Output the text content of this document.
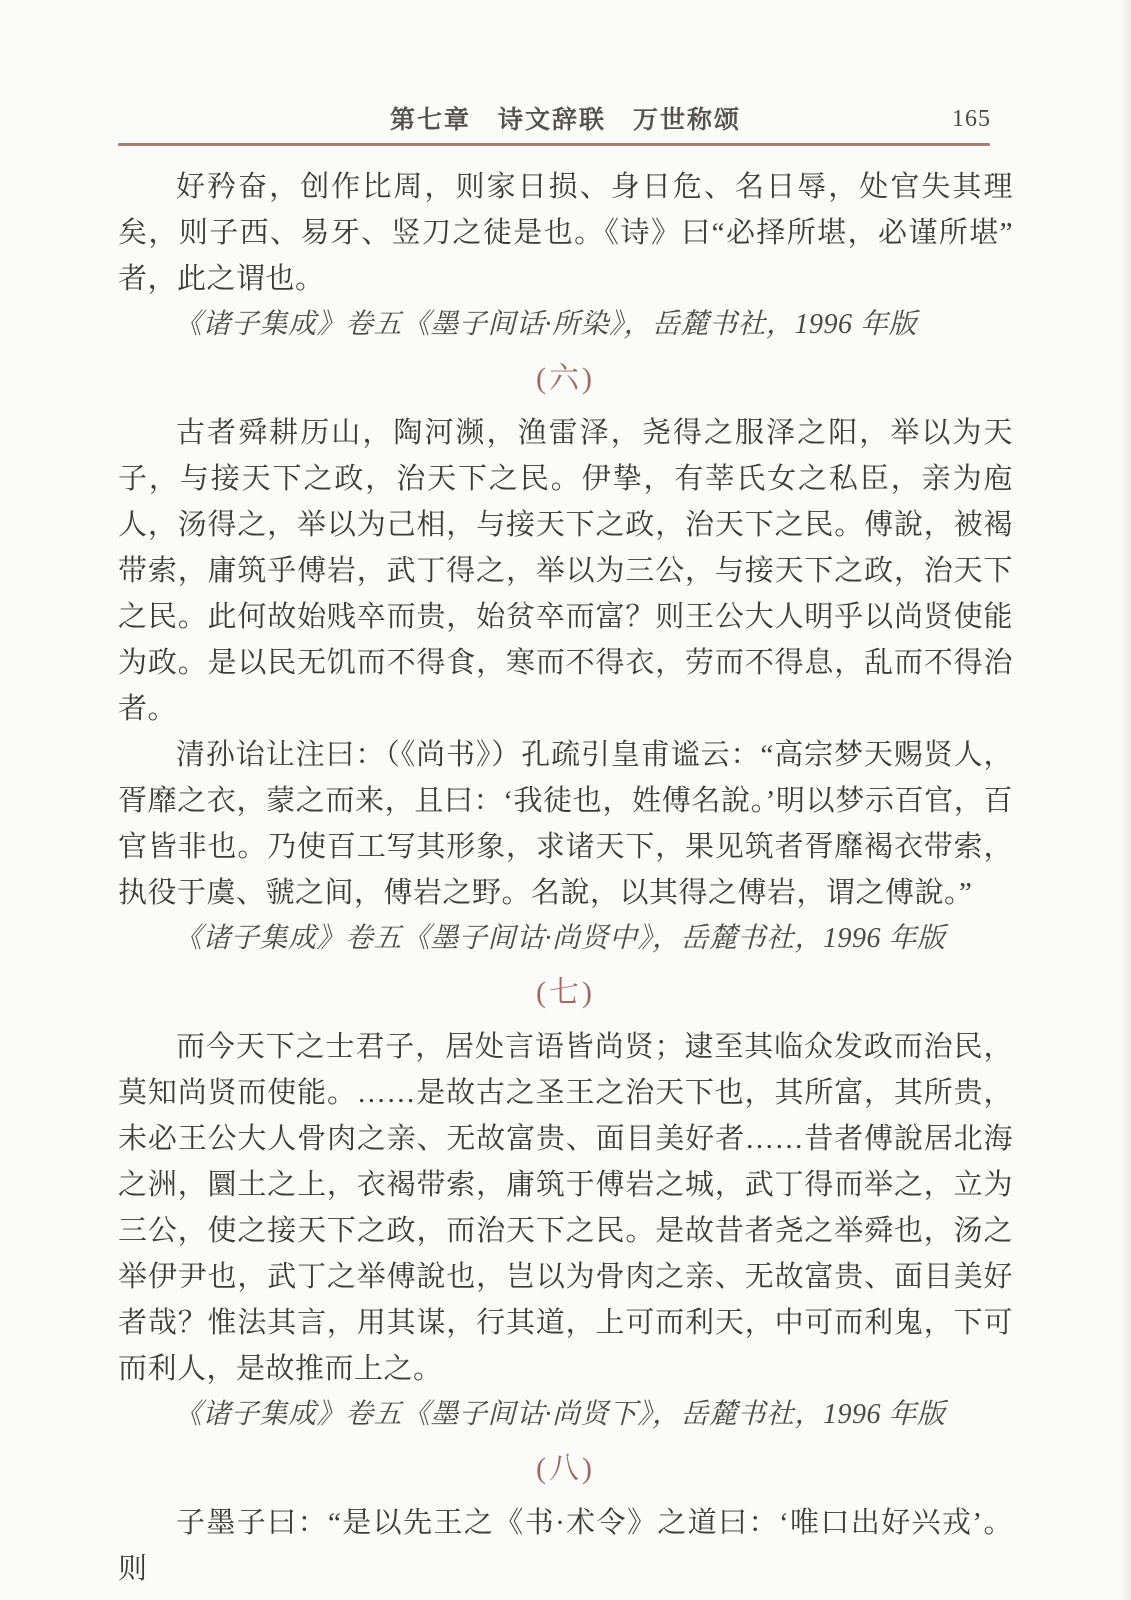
第七章　诗文辞联　万世称颂	165

好矜奋，创作比周，则家日损、身日危、名日辱，处官失其理矣，则子西、易牙、竖刀之徒是也。《诗》曰“必择所堪，必谨所堪”者，此之谓也。

《诸子集成》卷五《墨子间话·所染》，岳麓书社，1996 年版

(六)

古者舜耕历山，陶河濒，渔雷泽，尧得之服泽之阳，举以为天子，与接天下之政，治天下之民。伊挚，有莘氏女之私臣，亲为庖人，汤得之，举以为己相，与接天下之政，治天下之民。傅說，被褐带索，庸筑乎傅岩，武丁得之，举以为三公，与接天下之政，治天下之民。此何故始贱卒而贵，始贫卒而富？则王公大人明乎以尚贤使能为政。是以民无饥而不得食，寒而不得衣，劳而不得息，乱而不得治者。

清孙诒让注曰：（《尚书》）孔疏引皇甫谧云：“高宗梦天赐贤人，胥靡之衣，蒙之而来，且曰：‘我徒也，姓傅名說。’明以梦示百官，百官皆非也。乃使百工写其形象，求诸天下，果见筑者胥靡褐衣带索，执役于虞、虢之间，傅岩之野。名說，以其得之傅岩，谓之傅說。”

《诸子集成》卷五《墨子间诂·尚贤中》，岳麓书社，1996 年版

(七)

而今天下之士君子，居处言语皆尚贤；逮至其临众发政而治民，莫知尚贤而使能。……是故古之圣王之治天下也，其所富，其所贵，未必王公大人骨肉之亲、无故富贵、面目美好者……昔者傅說居北海之洲，圜土之上，衣褐带索，庸筑于傅岩之城，武丁得而举之，立为三公，使之接天下之政，而治天下之民。是故昔者尧之举舜也，汤之举伊尹也，武丁之举傅說也，岂以为骨肉之亲、无故富贵、面目美好者哉？惟法其言，用其谋，行其道，上可而利天，中可而利鬼，下可而利人，是故推而上之。

《诸子集成》卷五《墨子间诂·尚贤下》，岳麓书社，1996 年版

(八)

子墨子曰：“是以先王之《书·术令》之道曰：‘唯口出好兴戎’。则
